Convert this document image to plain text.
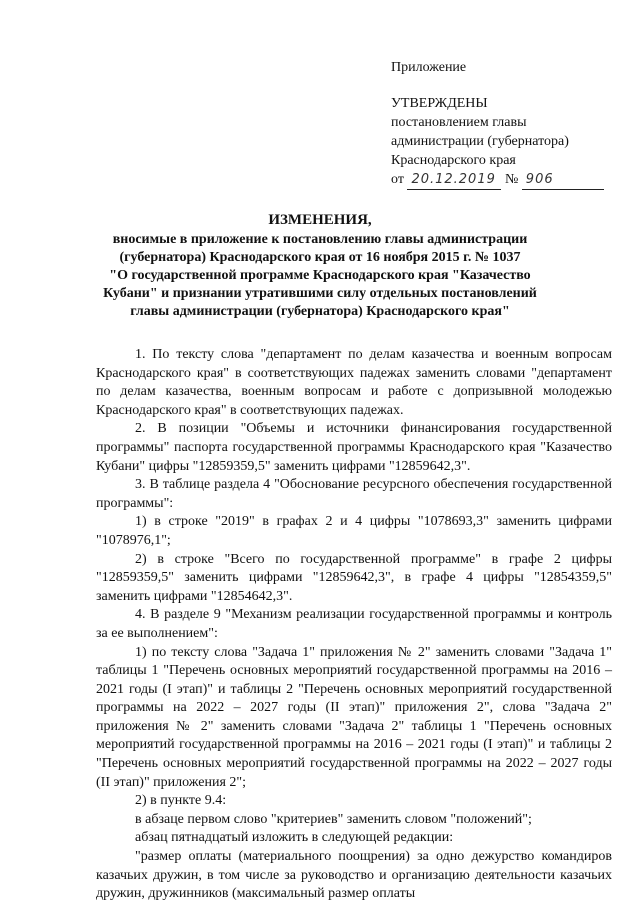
Приложение
УТВЕРЖДЕНЫ
постановлением главы
администрации (губернатора)
Краснодарского края
от 20.12.2019 № 906
ИЗМЕНЕНИЯ,
вносимые в приложение к постановлению главы администрации
(губернатора) Краснодарского края от 16 ноября 2015 г. № 1037
"О государственной программе Краснодарского края "Казачество
Кубани" и признании утратившими силу отдельных постановлений
главы администрации (губернатора) Краснодарского края"

1. По тексту слова "департамент по делам казачества и военным вопросам Краснодарского края" в соответствующих падежах заменить словами "департамент по делам казачества, военным вопросам и работе с допризывной молодежью Краснодарского края" в соответствующих падежах.

2. В позиции "Объемы и источники финансирования государственной программы" паспорта государственной программы Краснодарского края "Казачество Кубани" цифры "12859359,5" заменить цифрами "12859642,3".

3. В таблице раздела 4 "Обоснование ресурсного обеспечения государственной программы":

1) в строке "2019" в графах 2 и 4 цифры "1078693,3" заменить цифрами "1078976,1";

2) в строке "Всего по государственной программе" в графе 2 цифры "12859359,5" заменить цифрами "12859642,3", в графе 4 цифры "12854359,5" заменить цифрами "12854642,3".

4. В разделе 9 "Механизм реализации государственной программы и контроль за ее выполнением":

1) по тексту слова "Задача 1" приложения № 2" заменить словами "Задача 1" таблицы 1 "Перечень основных мероприятий государственной программы на 2016 – 2021 годы (I этап)" и таблицы 2 "Перечень основных мероприятий государственной программы на 2022 – 2027 годы (II этап)" приложения 2", слова "Задача 2" приложения № 2" заменить словами "Задача 2" таблицы 1 "Перечень основных мероприятий государственной программы на 2016 – 2021 годы (I этап)" и таблицы 2 "Перечень основных мероприятий государственной программы на 2022 – 2027 годы (II этап)" приложения 2";

2) в пункте 9.4:

в абзаце первом слово "критериев" заменить словом "положений";

абзац пятнадцатый изложить в следующей редакции:

"размер оплаты (материального поощрения) за одно дежурство командиров казачьих дружин, в том числе за руководство и организацию деятельности казачьих дружин, дружинников (максимальный размер оплаты
